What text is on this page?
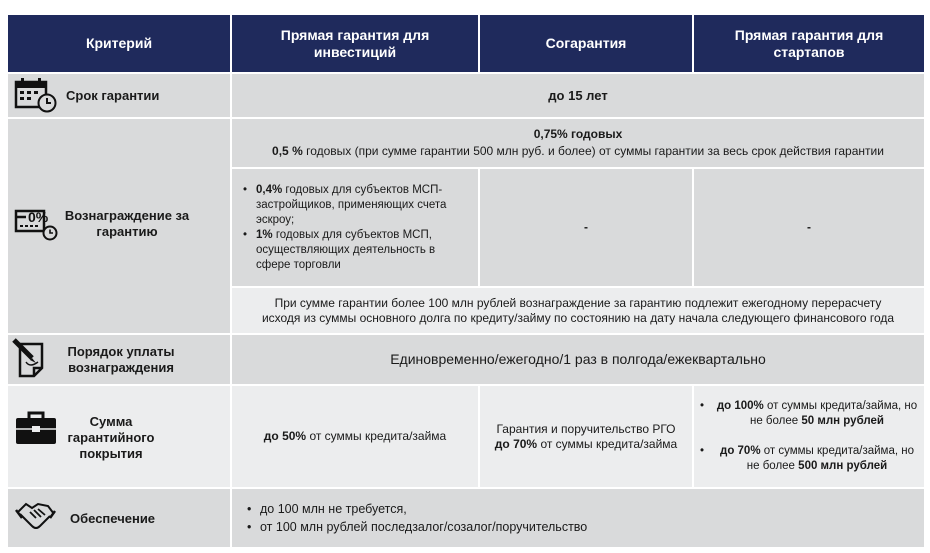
Критерий
Прямая гарантия для инвестиций
Согарантия
Прямая гарантия для стартапов
Срок гарантии	до 15 лет
0% Вознаграждение за гарантию
0,75% годовых
0,5 % годовых (при сумме гарантии 500 млн руб. и более) от суммы гарантии за весь срок действия гарантии
• 0,4% годовых для субъектов МСП-застройщиков, применяющих счета эскроу;
• 1% годовых для субъектов МСП, осуществляющих деятельность в сфере торговли
-	-
При сумме гарантии более 100 млн рублей вознаграждение за гарантию подлежит ежегодному перерасчету исходя из суммы основного долга по кредиту/займу по состоянию на дату начала следующего финансового года
Порядок уплаты вознаграждения
Единовременно/ежегодно/1 раз в полгода/ежеквартально
Сумма гарантийного покрытия
до 50% от суммы кредита/займа
Гарантия и поручительство РГО
до 70% от суммы кредита/займа
• до 100% от суммы кредита/займа, но не более 50 млн рублей
• до 70% от суммы кредита/займа, но не более 500 млн рублей
Обеспечение
• до 100 млн не требуется,
• от 100 млн рублей последзалог/созалог/поручительство
